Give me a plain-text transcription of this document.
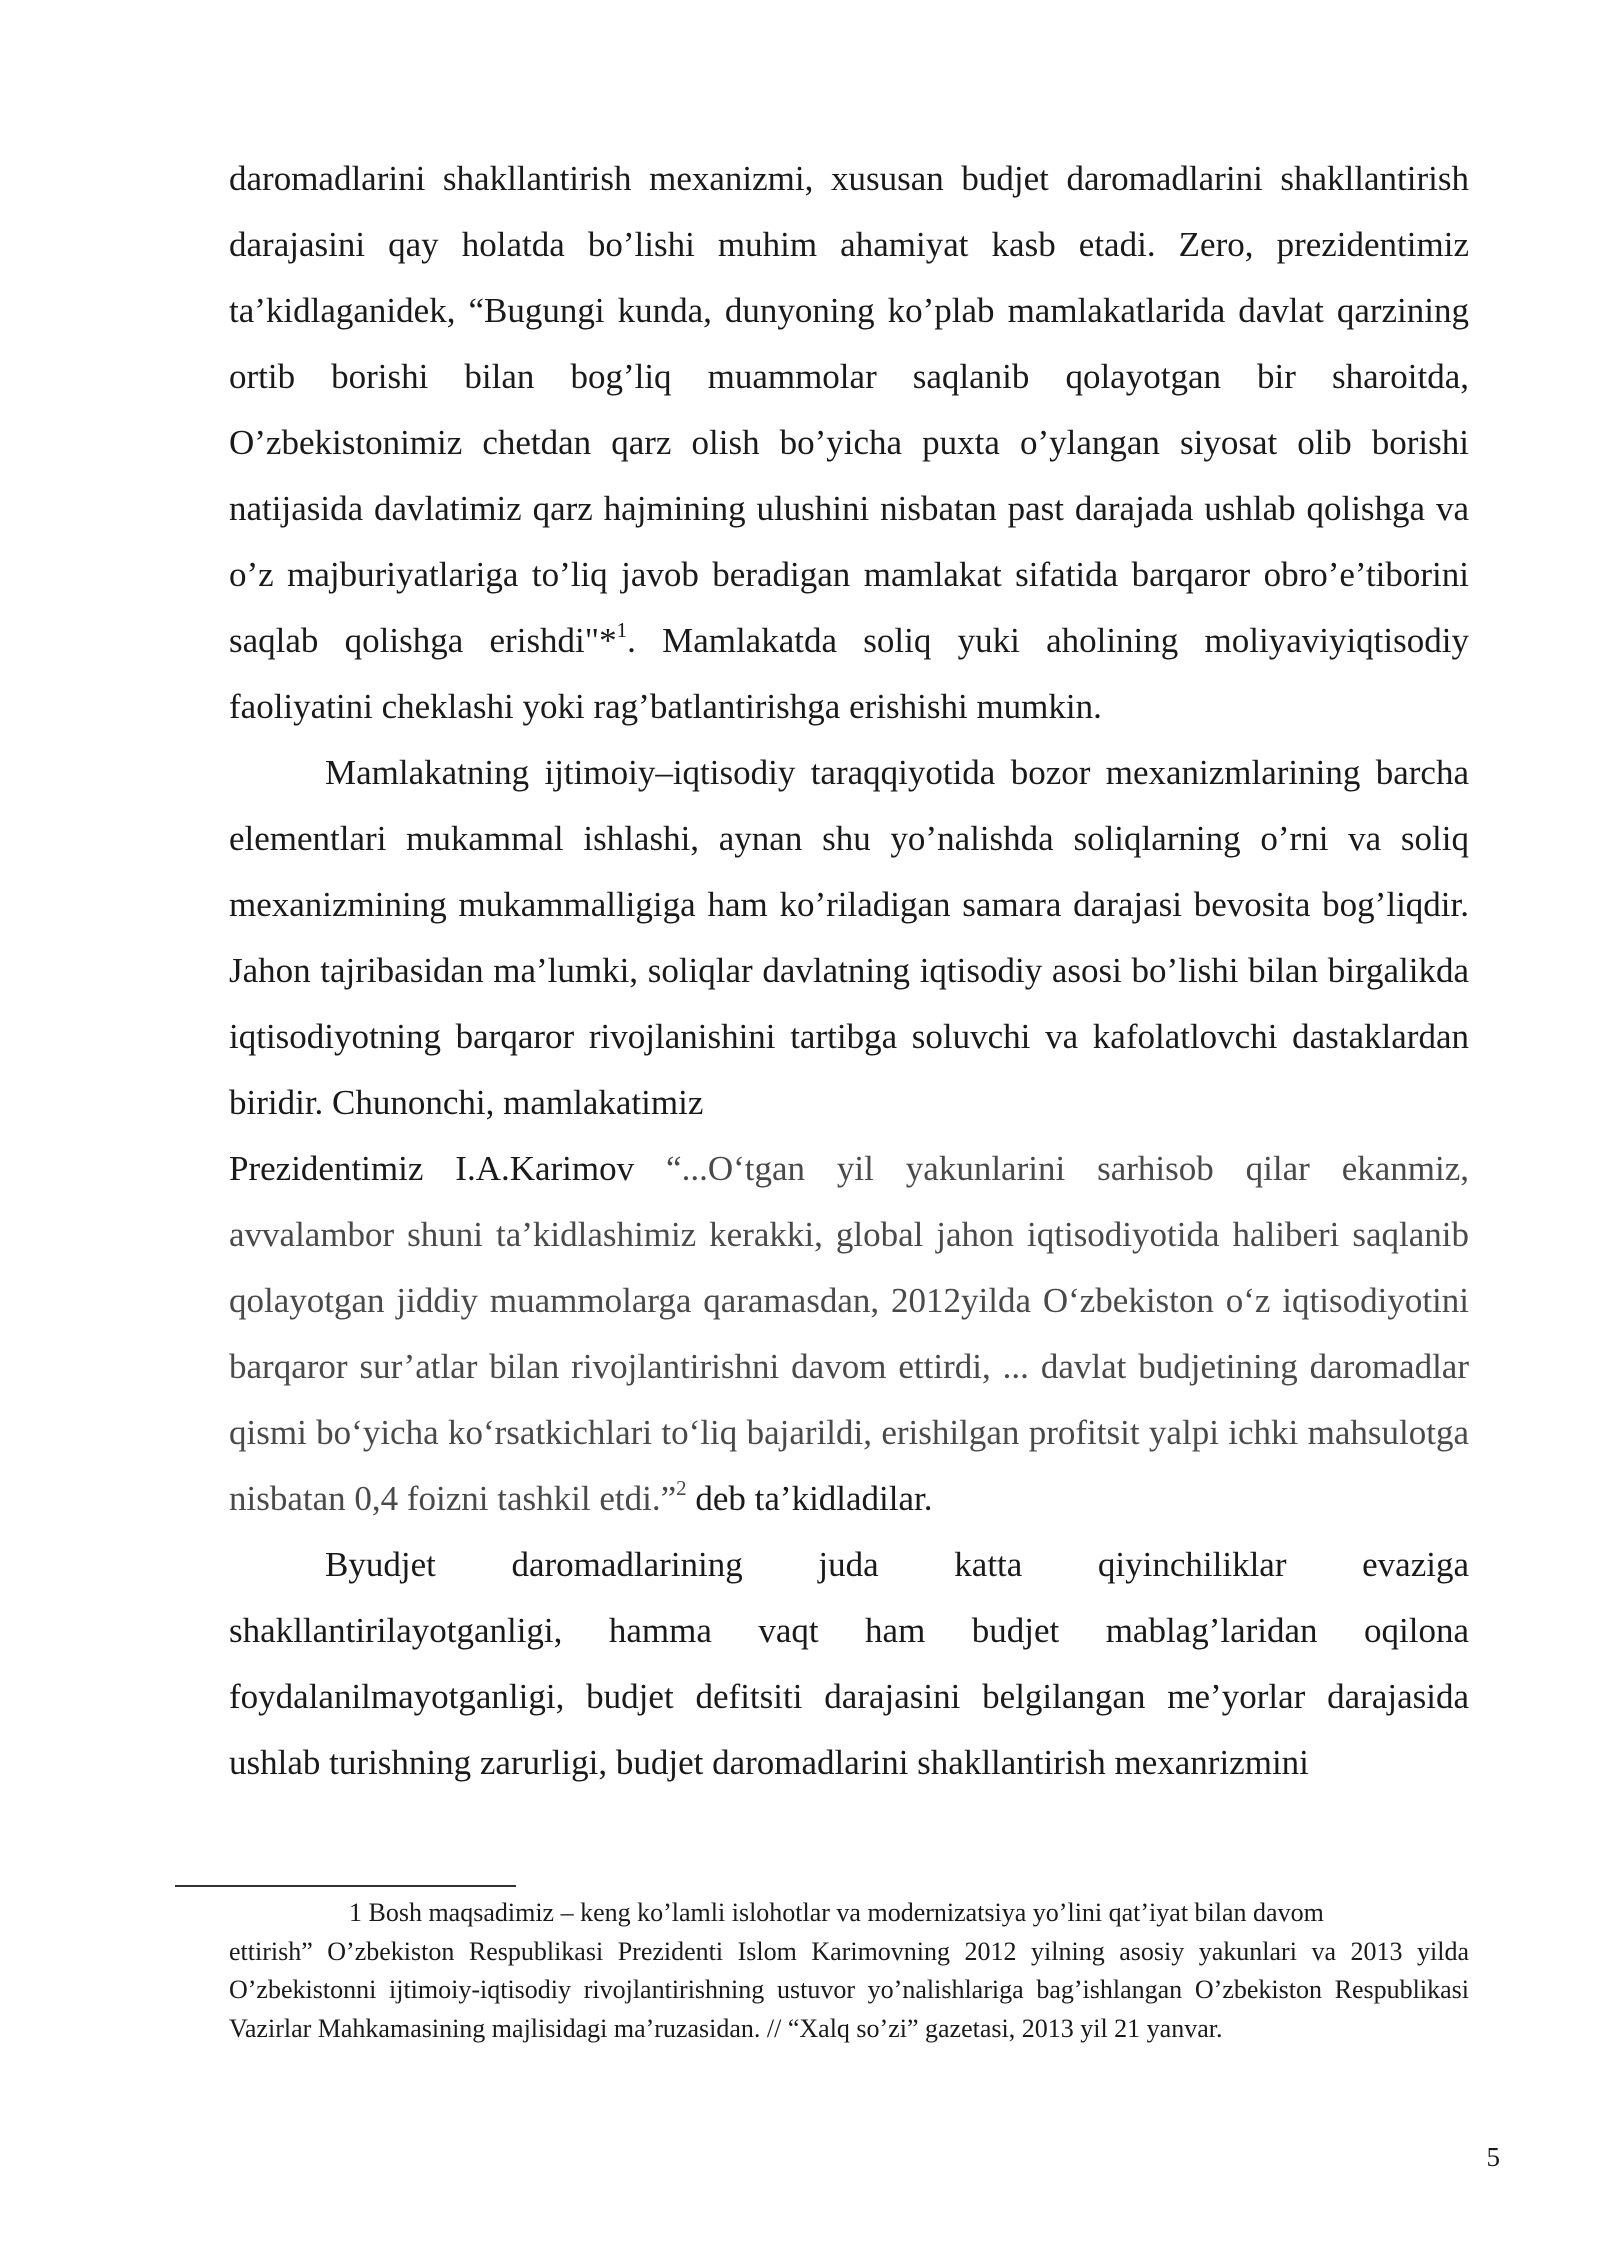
daromadlarini shakllantirish mexanizmi, xususan budjet daromadlarini shakllantirish darajasini qay holatda bo’lishi muhim ahamiyat kasb etadi. Zero, prezidentimiz ta’kidlaganidek, “Bugungi kunda, dunyoning ko’plab mamlakatlarida davlat qarzining ortib borishi bilan bog’liq muammolar saqlanib qolayotgan bir sharoitda, O’zbekistonimiz chetdan qarz olish bo’yicha puxta o’ylangan siyosat olib borishi natijasida davlatimiz qarz hajmining ulushini nisbatan past darajada ushlab qolishga va o’z majburiyatlariga to’liq javob beradigan mamlakat sifatida barqaror obro’e’tiborini saqlab qolishga erishdi"*$^1$. Mamlakatda soliq yuki aholining moliyaviyiqtisodiy faoliyatini cheklashi yoki rag’batlantirishga erishishi mumkin.

Mamlakatning ijtimoiy–iqtisodiy taraqqiyotida bozor mexanizmlarining barcha elementlari mukammal ishlashi, aynan shu yo’nalishda soliqlarning o’rni va soliq mexanizmining mukammalligiga ham ko’riladigan samara darajasi bevosita bog’liqdir. Jahon tajribasidan ma’lumki, soliqlar davlatning iqtisodiy asosi bo’lishi bilan birgalikda iqtisodiyotning barqaror rivojlanishini tartibga soluvchi va kafolatlovchi dastaklardan biridir. Chunonchi, mamlakatimiz
Prezidentimiz I.A.Karimov “...O‘tgan yil yakunlarini sarhisob qilar ekanmiz, avvalambor shuni ta’kidlashimiz kerakki, global jahon iqtisodiyotida haliberi saqlanib qolayotgan jiddiy muammolarga qaramasdan, 2012yilda O‘zbekiston o‘z iqtisodiyotini barqaror sur’atlar bilan rivojlantirishni davom ettirdi, ... davlat budjetining daromadlar qismi bo‘yicha ko‘rsatkichlari to‘liq bajarildi, erishilgan profitsit yalpi ichki mahsulotga nisbatan 0,4 foizni tashkil etdi.”$^2$ deb ta’kidladilar.

Byudjet daromadlarining juda katta qiyinchiliklar evaziga shakllantirilayotganligi, hamma vaqt ham budjet mablag’laridan oqilona foydalanilmayotganligi, budjet defitsiti darajasini belgilangan me’yorlar darajasida ushlab turishning zarurligi, budjet daromadlarini shakllantirish mexanrizmini

1 Bosh maqsadimiz – keng ko’lamli islohotlar va modernizatsiya yo’lini qat’iyat bilan davom
ettirish” O’zbekiston Respublikasi Prezidenti Islom Karimovning 2012 yilning asosiy yakunlari va 2013 yilda O’zbekistonni ijtimoiy-iqtisodiy rivojlantirishning ustuvor yo’nalishlariga bag’ishlangan O’zbekiston Respublikasi Vazirlar Mahkamasining majlisidagi ma’ruzasidan. // “Xalq so’zi” gazetasi, 2013 yil 21 yanvar.

5
